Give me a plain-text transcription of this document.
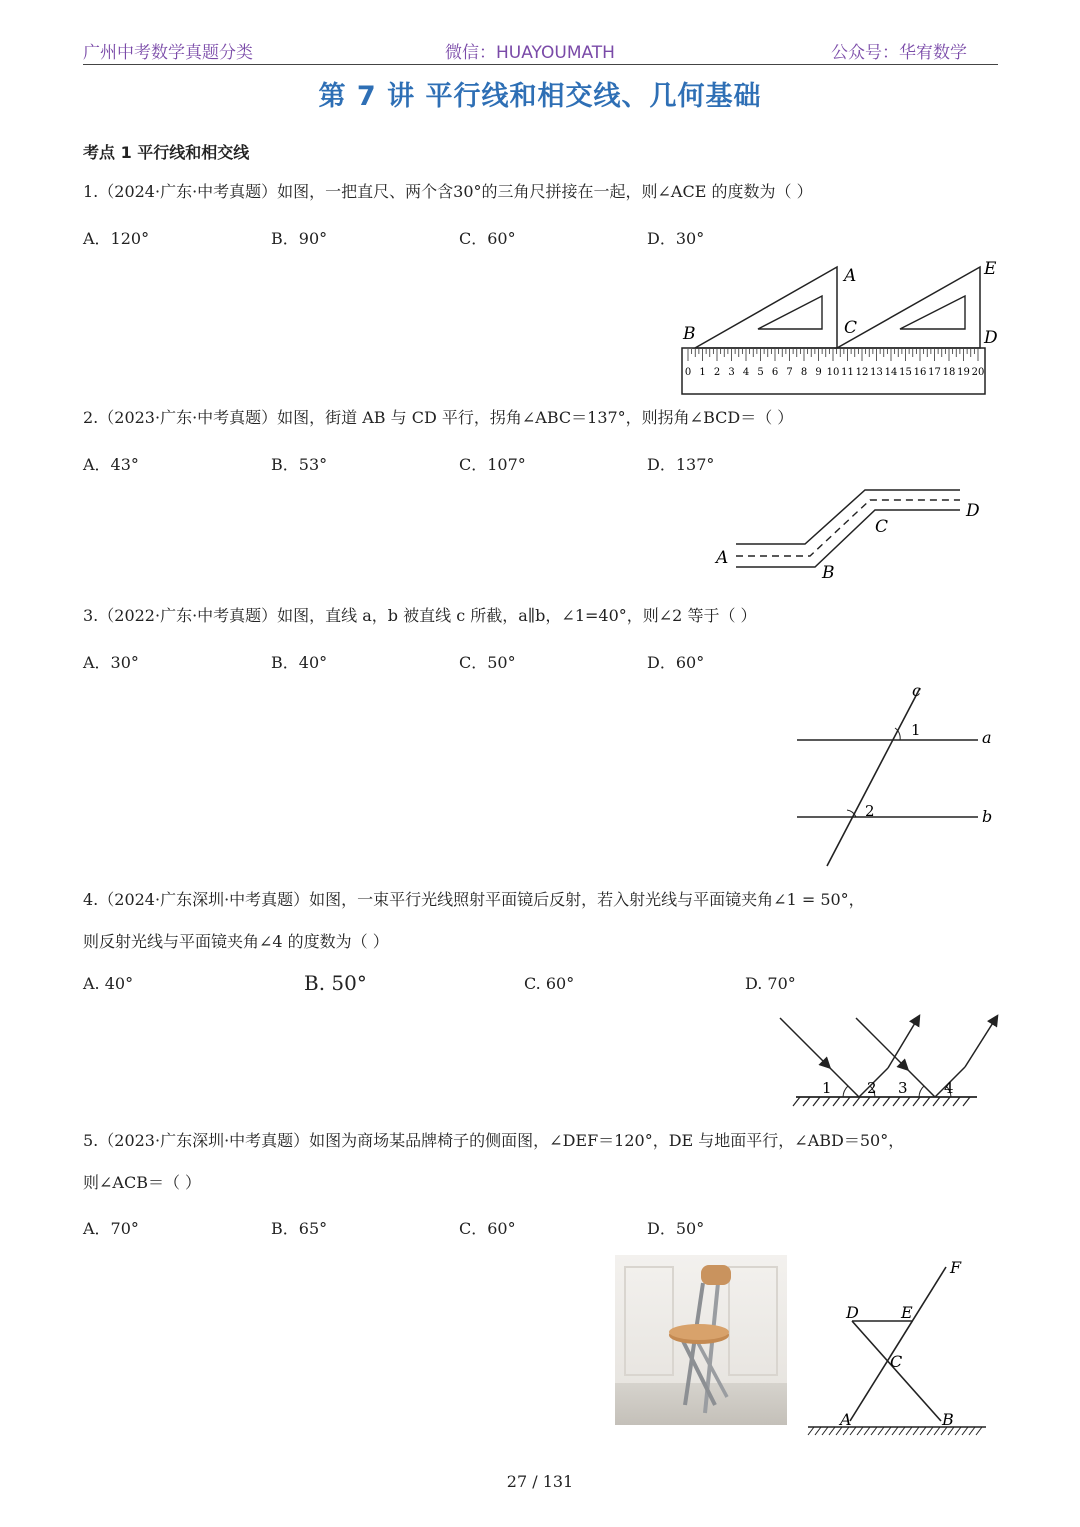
广州中考数学真题分类	微信：HUAYOUMATH	公众号：华宥数学
第 7 讲 平行线和相交线、几何基础
考点 1 平行线和相交线
1.（2024·广东·中考真题）如图，一把直尺、两个含30°的三角尺拼接在一起，则∠ACE 的度数为（ ）
A．120°	B．90°	C．60°	D．30°
0 1 2 3 4 5 6 7 8 9 10 11 12 13 14 15 16 17 18 19 20
A
B	C	D
E
2.（2023·广东·中考真题）如图，街道 AB 与 CD 平行，拐角∠ABC＝137°，则拐角∠BCD＝（ ）
A．43°	B．53°	C．107°	D．137°
A
B
C
D
3.（2022·广东·中考真题）如图，直线 a，b 被直线 c 所截，a∥b，∠1=40°，则∠2 等于（ ）
A．30°	B．40°	C．50°	D．60°
c
1	a
2	b
4.（2024·广东深圳·中考真题）如图，一束平行光线照射平面镜后反射，若入射光线与平面镜夹角∠1 = 50°，
则反射光线与平面镜夹角∠4 的度数为（ ）
A. 40°	B. 50°	C. 60°	D. 70°
1 2 3 4
5.（2023·广东深圳·中考真题）如图为商场某品牌椅子的侧面图，∠DEF＝120°，DE 与地面平行，∠ABD＝50°，
则∠ACB＝（ ）
A．70°	B．65°	C．60°	D．50°
F
D	E
C
A	B
27 / 131
